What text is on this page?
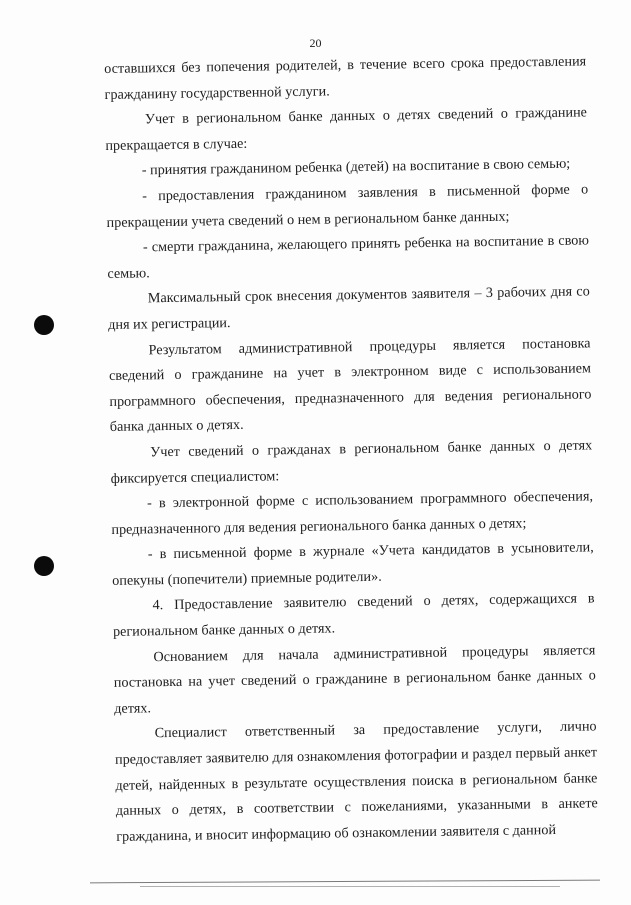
20

оставшихся без попечения родителей, в течение всего срока предоставления гражданину государственной услуги.

Учет в региональном банке данных о детях сведений о гражданине прекращается в случае:

- принятия гражданином ребенка (детей) на воспитание в свою семью;

- предоставления гражданином заявления в письменной форме о прекращении учета сведений о нем в региональном банке данных;

- смерти гражданина, желающего принять ребенка на воспитание в свою семью.

Максимальный срок внесения документов заявителя – 3 рабочих дня со дня их регистрации.

Результатом административной процедуры является постановка сведений о гражданине на учет в электронном виде с использованием программного обеспечения, предназначенного для ведения регионального банка данных о детях.

Учет сведений о гражданах в региональном банке данных о детях фиксируется специалистом:

- в электронной форме с использованием программного обеспечения, предназначенного для ведения регионального банка данных о детях;

- в письменной форме в журнале «Учета кандидатов в усыновители, опекуны (попечители) приемные родители».

4. Предоставление заявителю сведений о детях, содержащихся в региональном банке данных о детях.

Основанием для начала административной процедуры является постановка на учет сведений о гражданине в региональном банке данных о детях.

Специалист ответственный за предоставление услуги, лично предоставляет заявителю для ознакомления фотографии и раздел первый анкет детей, найденных в результате осуществления поиска в региональном банке данных о детях, в соответствии с пожеланиями, указанными в анкете гражданина, и вносит информацию об ознакомлении заявителя с данной
